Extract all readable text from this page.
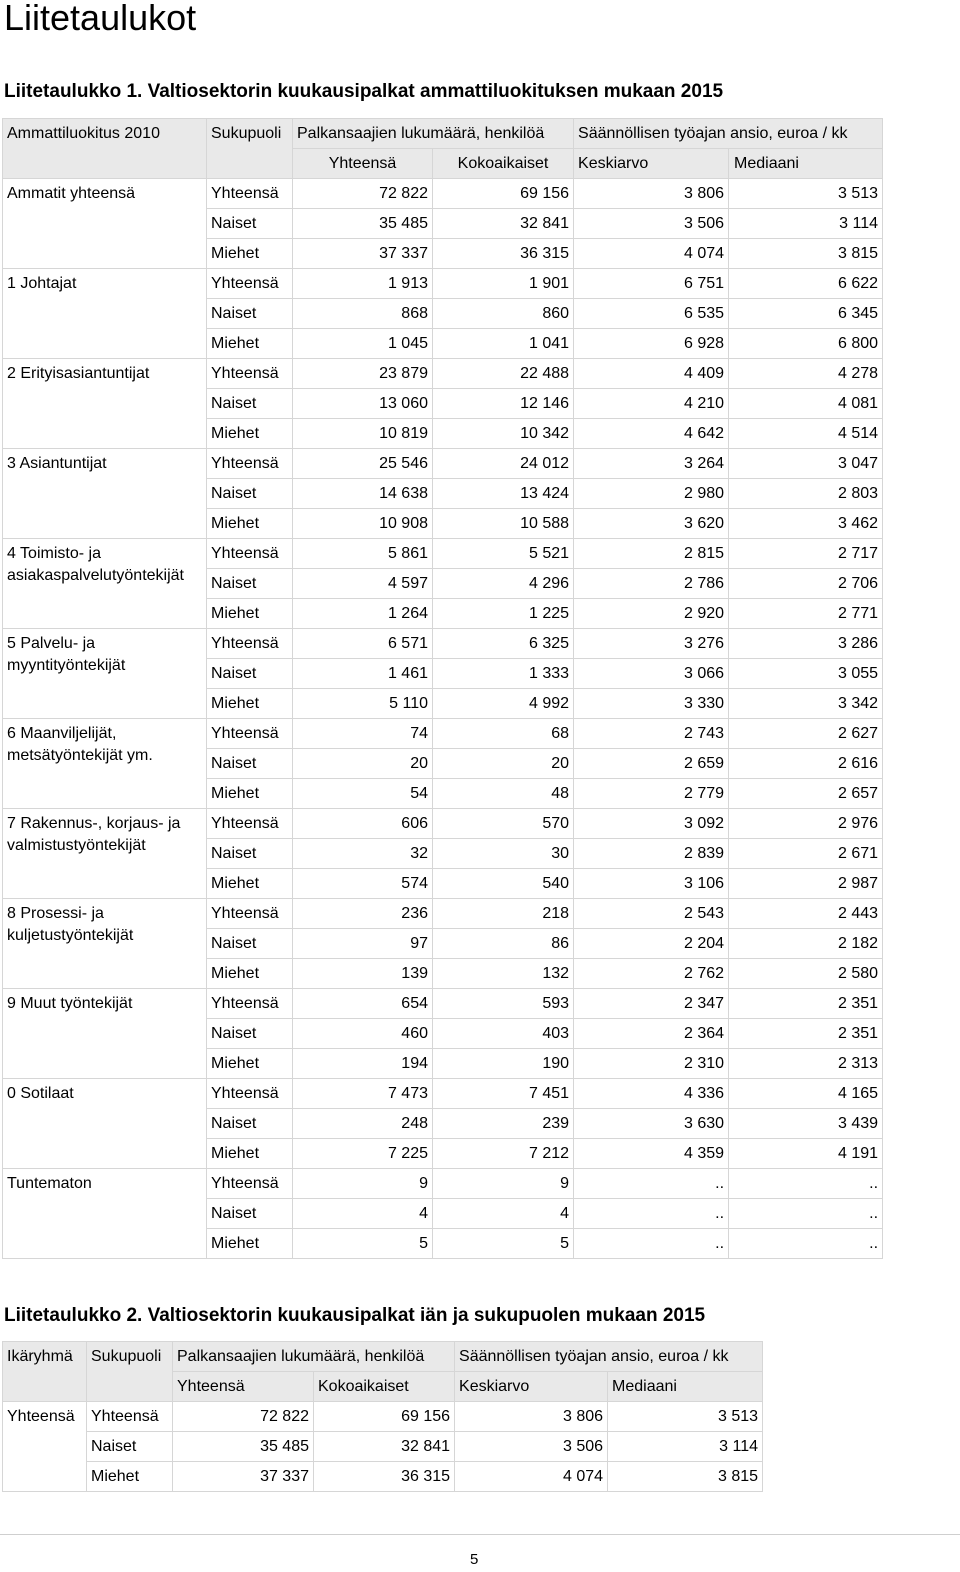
Liitetaulukot
Liitetaulukko 1. Valtiosektorin kuukausipalkat ammattiluokituksen mukaan 2015
Ammattiluokitus 2010	Sukupuoli	Palkansaajien lukumäärä, henkilöä		Säännöllisen työajan ansio, euroa / kk	
		Yhteensä	Kokoaikaiset	Keskiarvo	Mediaani
Ammatit yhteensä	Yhteensä	72 822	69 156	3 806	3 513
	Naiset	35 485	32 841	3 506	3 114
	Miehet	37 337	36 315	4 074	3 815
1 Johtajat	Yhteensä	1 913	1 901	6 751	6 622
	Naiset	868	860	6 535	6 345
	Miehet	1 045	1 041	6 928	6 800
2 Erityisasiantuntijat	Yhteensä	23 879	22 488	4 409	4 278
	Naiset	13 060	12 146	4 210	4 081
	Miehet	10 819	10 342	4 642	4 514
3 Asiantuntijat	Yhteensä	25 546	24 012	3 264	3 047
	Naiset	14 638	13 424	2 980	2 803
	Miehet	10 908	10 588	3 620	3 462
4 Toimisto- ja asiakaspalvelutyöntekijät	Yhteensä	5 861	5 521	2 815	2 717
	Naiset	4 597	4 296	2 786	2 706
	Miehet	1 264	1 225	2 920	2 771
5 Palvelu- ja myyntityöntekijät	Yhteensä	6 571	6 325	3 276	3 286
	Naiset	1 461	1 333	3 066	3 055
	Miehet	5 110	4 992	3 330	3 342
6 Maanviljelijät, metsätyöntekijät ym.	Yhteensä	74	68	2 743	2 627
	Naiset	20	20	2 659	2 616
	Miehet	54	48	2 779	2 657
7 Rakennus-, korjaus- ja valmistustyöntekijät	Yhteensä	606	570	3 092	2 976
	Naiset	32	30	2 839	2 671
	Miehet	574	540	3 106	2 987
8 Prosessi- ja kuljetustyöntekijät	Yhteensä	236	218	2 543	2 443
	Naiset	97	86	2 204	2 182
	Miehet	139	132	2 762	2 580
9 Muut työntekijät	Yhteensä	654	593	2 347	2 351
	Naiset	460	403	2 364	2 351
	Miehet	194	190	2 310	2 313
0 Sotilaat	Yhteensä	7 473	7 451	4 336	4 165
	Naiset	248	239	3 630	3 439
	Miehet	7 225	7 212	4 359	4 191
Tuntematon	Yhteensä	9	9	..	..
	Naiset	4	4	..	..
	Miehet	5	5	..	..
Liitetaulukko 2. Valtiosektorin kuukausipalkat iän ja sukupuolen mukaan 2015
Ikäryhmä	Sukupuoli	Palkansaajien lukumäärä, henkilöä		Säännöllisen työajan ansio, euroa / kk	
		Yhteensä	Kokoaikaiset	Keskiarvo	Mediaani
Yhteensä	Yhteensä	72 822	69 156	3 806	3 513
	Naiset	35 485	32 841	3 506	3 114
	Miehet	37 337	36 315	4 074	3 815
5
